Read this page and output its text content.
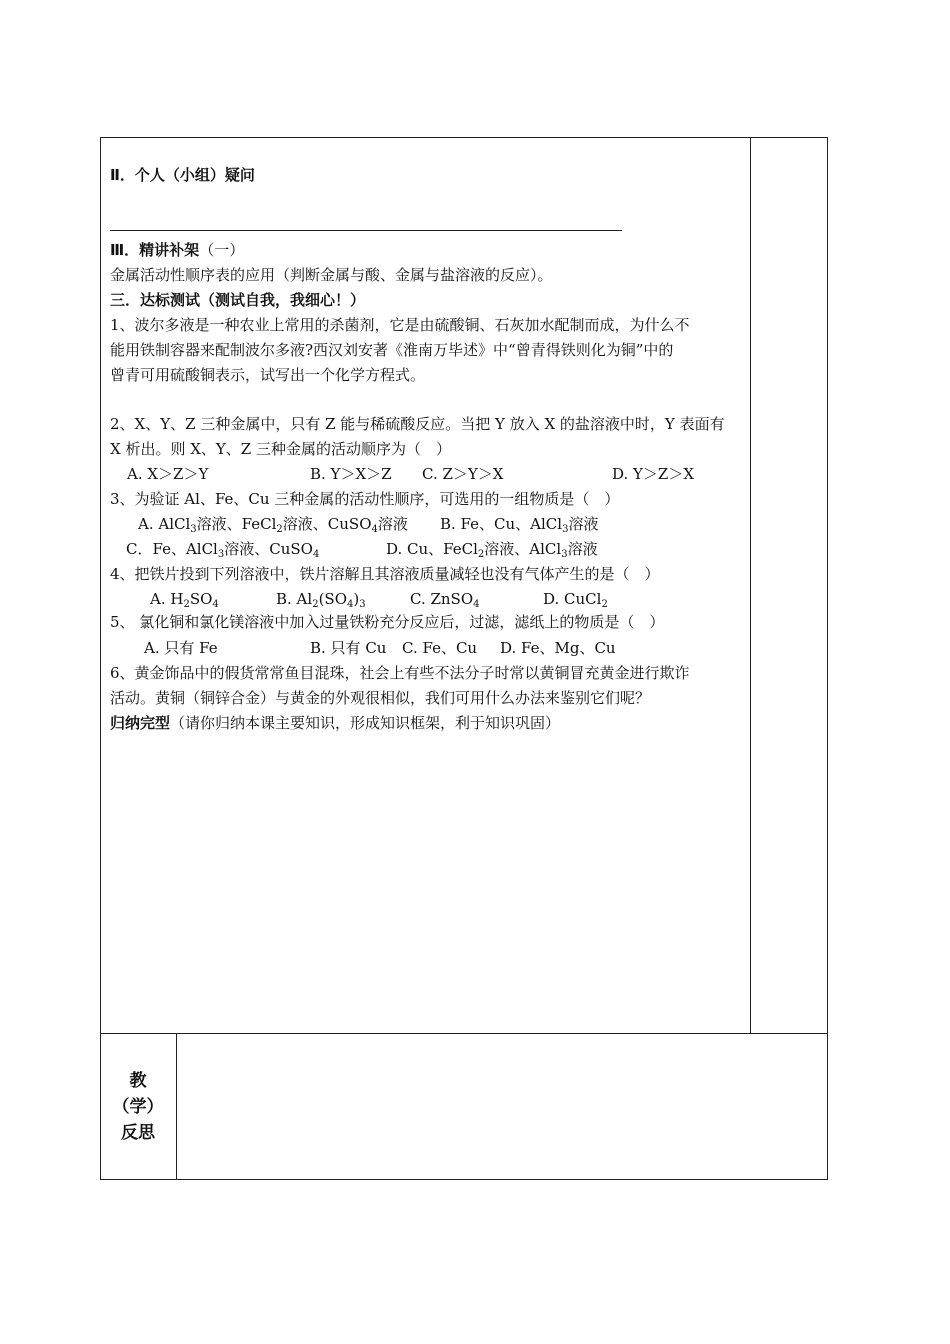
Ⅱ．个人（小组）疑问
Ⅲ．精讲补架（一）
金属活动性顺序表的应用（判断金属与酸、金属与盐溶液的反应）。
三．达标测试（测试自我，我细心！）
1、波尔多液是一种农业上常用的杀菌剂，它是由硫酸铜、石灰加水配制而成，为什么不
能用铁制容器来配制波尔多液?西汉刘安著《淮南万毕述》中“曾青得铁则化为铜”中的
曾青可用硫酸铜表示，试写出一个化学方程式。
2、X、Y、Z 三种金属中，只有 Z 能与稀硫酸反应。当把 Y 放入 X 的盐溶液中时，Y 表面有
X 析出。则 X、Y、Z 三种金属的活动顺序为（　）
A. X＞Z＞Y	B. Y＞X＞Z C. Z＞Y＞X	D. Y＞Z＞X
3、为验证 Al、Fe、Cu 三种金属的活动性顺序，可选用的一组物质是（　）
A. AlCl$_3$溶液、FeCl$_2$溶液、CuSO$_4$溶液 B. Fe、Cu、AlCl$_3$溶液
C．Fe、AlCl$_3$溶液、CuSO$_4$	D. Cu、FeCl$_2$溶液、AlCl$_3$溶液
4、把铁片投到下列溶液中，铁片溶解且其溶液质量减轻也没有气体产生的是（　）
A. $H_2SO_4$	B. $Al_2(SO_4)_3$	C. ZnSO$_4$	D. CuCl$_2$
5、 氯化铜和氯化镁溶液中加入过量铁粉充分反应后，过滤，滤纸上的物质是（　）
A. 只有 Fe	B. 只有 Cu C. Fe、Cu D. Fe、Mg、Cu
6、黄金饰品中的假货常常鱼目混珠，社会上有些不法分子时常以黄铜冒充黄金进行欺诈
活动。黄铜（铜锌合金）与黄金的外观很相似，我们可用什么办法来鉴别它们呢？
归纳完型（请你归纳本课主要知识，形成知识框架，利于知识巩固）
教
（学）
反思
